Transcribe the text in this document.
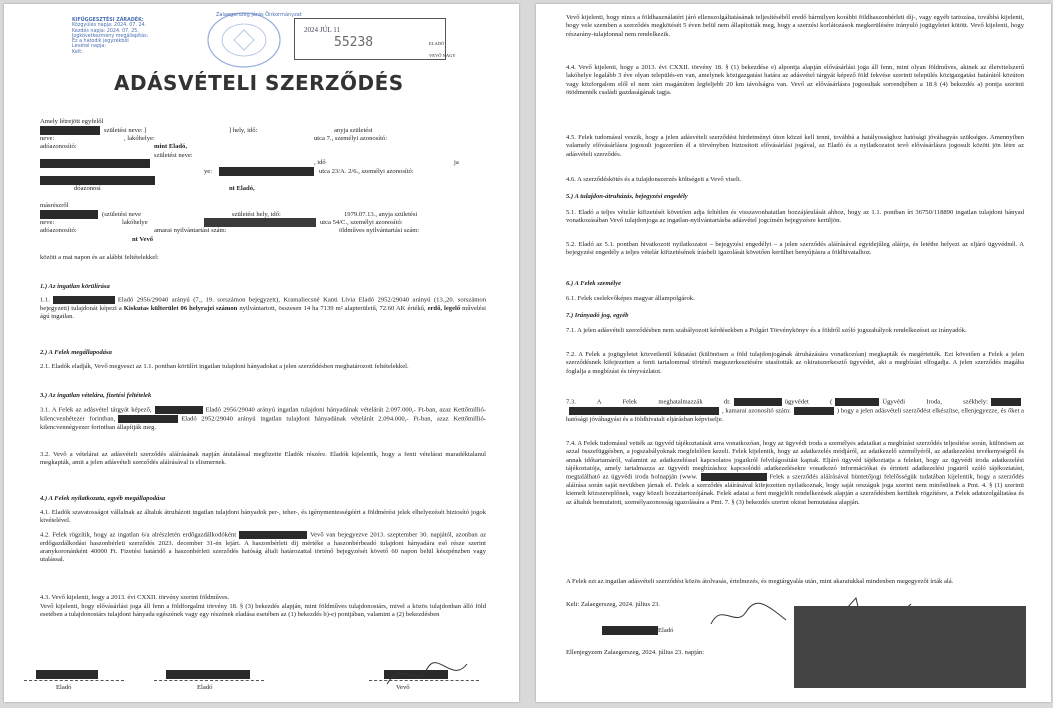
KIFÜGGESZTÉSI ZÁRADÉK:
Közgyűlés napja: 2024. 07. 24.
Kezdés napja: 2024. 07. 25.
Jogkövetkezmény megállapítás:
Ez a hatodik jegyzékből
Levétel napja:
Kelt:
Zalaegerszeg Járás Önkormányzat
2024 JÚL 11
55238	ELADÓ
VEVŐ NAGY
ADÁSVÉTELI SZERZŐDÉS
Amely létrejött egyfelől
születési neve: ]	] hely, idő:	anyja születési
neve:	, lakóhelye:	utca 7., személyi azonosító:
adóazonosító:	mint Eladó,
születési neve:
, idő	ja
ye:	utca 23/A. 2/6., személyi azonosító:
dóazonosí	nt Eladó,
másrészről
(születési neve	születési hely, idő:	1979.07.13., anyja születési
neve:	lakóhelye	utca 54/C., személyi azonosító:
adóazonosító:	amarai nyilvántartási szám:	öldműves nyilvántartási szám:
nt Vevő
között a mai napon és az alábbi feltételekkel:
1.) Az ingatlan körülírása
1.1.	Eladó 2956/29040 arányú (7., 19. sorszámon bejegyzett), Kramaliecsné Kanti Lívia Eladó 2952/29040 arányú (13.,20. sorszámon bejegyzett) tulajdonát képezi a Kiskutas külterület 06 helyrajzi számon nyilvántartott, összesen 14 ha 7139 m² alapterületű, 72.60 AK értékű, erdő, legelő művelési ágú ingatlan.
2.) A Felek megállapodása
2.1. Eladók eladják, Vevő megveszi az 1.1. pontban körülírt ingatlan tulajdoni hányadokat a jelen szerződésben meghatározott feltételekkel.
3.) Az ingatlan vételára, fizetési feltételek
3.1. A Felek az adásvétel tárgyát képező,	Eladó 2956/29040 arányú ingatlan tulajdoni hányadának vételárát 2.097.000,- Ft-ban, azaz Kettőmillió-kilencvenhétezer forintban,	Eladó 2952/29040 arányú ingatlan tulajdoni hányadának vételárát 2.094.000,- Ft-ban, azaz Kettőmillió-kilencvennégyezer forintban állapítják meg.
3.2. Vevő a vételárat az adásvételi szerződés aláírásának napján átutalással megfizette Eladók részére. Eladók kijelentik, hogy a fenti vételárat maradéktalanul megkapták, amit a jelen adásvételi szerződés aláírásával is elismernek.
4.) A Felek nyilatkozata, egyéb megállapodása
4.1. Eladók szavatosságot vállalnak az általuk átruházott ingatlan tulajdoni hányadok per-, teher-, és igénymentességéért a földmérési jelek elhelyezését biztosító jogok kivételével.
4.2. Felek rögzítik, hogy az ingatlan 6/a alrészletén erdőgazdálkodóként	Vevő van bejegyezve 2013. szeptember 30. napjától, azonban az erdőgazdálkodási haszonbérleti szerződés 2023. december 31-én lejárt. A haszonbérleti díj mértéke a haszonbérbeadó tulajdoni hányadára eső része szerint aranykoronánként 40000 Ft. Fizetési határidő a haszonbérleti szerződés hatóság általi határozattal történő bejegyzését követő 60 napon belül készpénzben vagy utalással.
4.3. Vevő kijelenti, hogy a 2013. évi CXXII. törvény szerint földműves.
Vevő kijelenti, hogy elővásárlási joga áll fenn a földforgalmi törvény 18. § (3) bekezdés alapján, mint földműves tulajdonostárs, mivel a közös tulajdonban álló föld esetében a tulajdonostárs tulajdoni hányada egészének vagy egy részének eladása esetében az (1) bekezdés b)-e) pontjában, valamint a (2) bekezdésben
Eladó	Eladó	Vevő
Vevő kijelenti, hogy nincs a földhasználatért járó ellenszolgáltatásának teljesítéséből eredő bármilyen korábbi földhaszonbérleti díj-, vagy egyéb tartozása, továbbá kijelenti, hogy vele szemben a szerződés megkötését 5 éven belül nem állapították meg, hogy a szerzési korlátozások megkerülésére irányuló jogügyletet kötött. Vevő kijelenti, hogy részarány-tulajdonnal nem rendelkezik.
4.4. Vevő kijelenti, hogy a 2013. évi CXXII. törvény 18. § (1) bekezdése e) alpontja alapján elővásárlási joga áll fenn, mint olyan földműves, akinek az életvitelszerű lakóhelye legalább 3 éve olyan település-en van, amelynek közigazgatási határa az adásvétel tárgyát képező föld fekvése szerinti település közigazgatási határától közúton vagy közforgalom elől el nem zárt magánúton legfeljebb 20 km távolságra van. Vevő az elővásárlásra jogosultak sorrendjében a 18.§ (4) bekezdés a) pontja szerinti ötödmenték családi gazdaságának tagja.
4.5. Felek tudomásul veszik, hogy a jelen adásvételi szerződést hirdetményi úton közzé kell tenni, továbbá a hatályossághoz hatósági jóváhagyás szükséges. Amennyiben valamely elővásárlásra jogosult jogszerűen él a törvényben biztosított elővásárlási jogával, az Eladó és a nyilatkozatot tevő elővásárlásra jogosult között jön létre az adásvételi szerződés.
4.6. A szerződéskötés és a tulajdonszerzés költségeit a Vevő viseli.
5.) A tulajdon-átruházás, bejegyzési engedély
5.1. Eladó a teljes vételár kifizetését követően adja feltétlen és visszavonhatatlan hozzájárulását ahhoz, hogy az 1.1. pontban írt 36750/118890 ingatlan tulajdoni hányad vonatkozásában Vevő tulajdonjoga az ingatlan-nyilvántartásba adásvétel jogcímén bejegyzésre kerüljön.
5.2. Eladó az 5.1. pontban hivatkozott nyilatkozatot – bejegyzési engedélyt – a jelen szerződés aláírásával egyidejűleg aláírja, és letétbe helyezi az eljáró ügyvédnél. A bejegyzési engedély a teljes vételár kifizetésének írásbeli igazolását követően kerülhet benyújtásra a földhivatalhoz.
6.) A Felek személye
6.1. Felek cselekvőképes magyar állampolgárok.
7.) Irányadó jog, egyéb
7.1. A jelen adásvételi szerződésben nem szabályozott kérdésekben a Polgári Törvénykönyv és a földről szóló jogszabályok rendelkezései az irányadók.
7.2. A Felek a jogügyletet közvetlenül kiktatást (különösen a föld tulajdonjogának átruházására vonatkozóan) megkapták és megértették. Ezt követően a Felek a jelen szerződésnek kifejezetten a fenti tartalommal történő megszerkesztésére utasították az okiratszerkesztő ügyvédet, aki a megbízást elfogadja. A jelen szerződés magába foglalja a megbízást és tényvázlatot.
7.3. A Felek meghatalmazzák dr.	ügyvédet (	Ügyvédi Iroda, székhely:, kamarai azonosító szám:	) hogy a jelen adásvételi szerződést elkészítse, ellenjegyezze, és őket a hatósági jóváhagyási és a földhivatali eljárásban képviselje.
7.4. A Felek tudomásul vették az ügyvéd tájékoztatását arra vonatkozóan, hogy az ügyvédi iroda a személyes adataikat a megbízási szerződés teljesítése során, különösen az azzal összefüggésben, a jogszabályoknak megfelelően kezeli. Felek kijelentik, hogy az adatkezelés módjáról, az adatkezelő személyéről, az adatkezelési tevékenységről és annak időtartamáról, valamint az adatkezeléssel kapcsolatos jogaikról felvilágosítást kaptak. Eljáró ügyvéd tájékoztatja a feleket, hogy az ügyvédi iroda adatkezelési tájékoztatója, amely tartalmazza az ügyvédi megbízáshoz kapcsolódó adatkezelésekre vonatkozó információkat és érintett adatkezelési jogairól szóló tájékoztatást, megtalálható az ügyvédi iroda holnapján (www.	Felek a szerződés aláírásával büntetőjogi felelősségük tudatában kijelentik, hogy a szerződés aláírása során saját nevükben járnak el. Felek a szerződés aláírásával kifejezetten nyilatkoznak, hogy saját országuk joga szerint nem minősülnek a Pmt. 4. § (1) szerinti kiemelt közszereplőnek, vagy közeli hozzátartozójának. Felek adatai a fent megjelölt rendelkezések alapján a szerződésben kerültek rögzítésre, a Felek adatszolgáltatása és az általuk bemutatott, személyazonosság igazolására a Pmt. 7. § (3) bekezdés szerint okirat bemutatása alapján.
A Felek ezt az ingatlan adásvételi szerződést közös átolvasás, értelmezés, és megtárgyalás után, mint akaratukkal mindenben megegyezőt írták alá.
Kelt: Zalaegerszeg, 2024. július 23.
Eladó
Ellenjegyzem Zalaegerszeg, 2024. július 23. napján:
